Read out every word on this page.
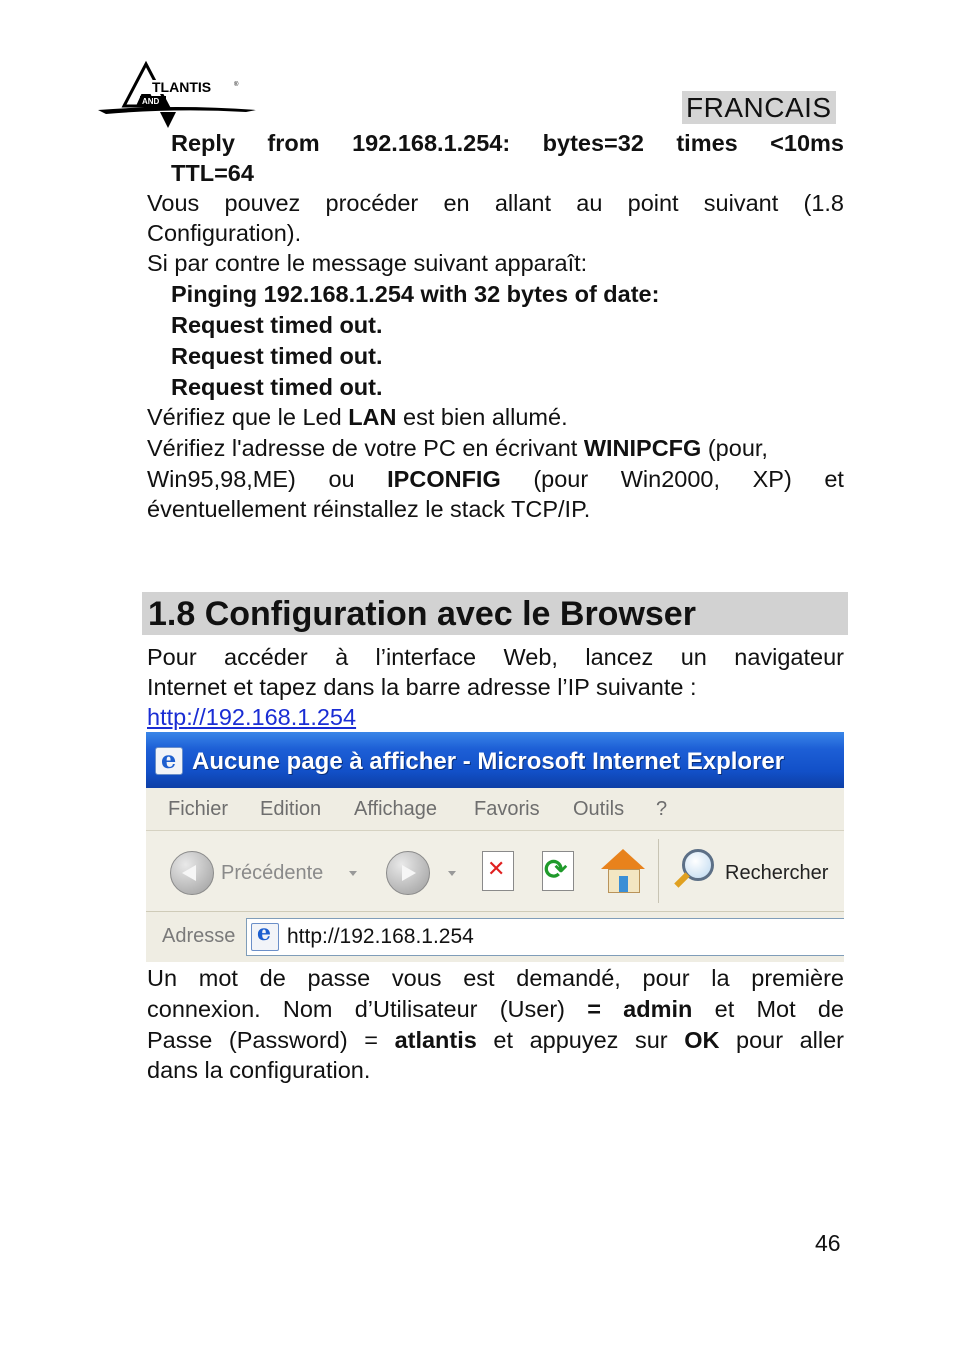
TLANTIS	®
AND	FRANCAIS
Reply from 192.168.1.254: bytes=32 times <10ms
TTL=64
Vous pouvez procéder en allant au point suivant (1.8
Configuration).
Si par contre le message suivant apparaît:
Pinging 192.168.1.254 with 32 bytes of date:
Request timed out.
Request timed out.
Request timed out.
Vérifiez que le Led LAN est bien allumé.
Vérifiez l'adresse de votre PC en écrivant WINIPCFG (pour,
Win95,98,ME) ou IPCONFIG (pour Win2000, XP) et
éventuellement réinstallez le stack TCP/IP.
1.8 Configuration avec le Browser
Pour accéder à l’interface Web, lancez un navigateur
Internet et tapez dans la barre adresse l’IP suivante :
http://192.168.1.254
e
Aucune page à afficher - Microsoft Internet Explorer
Fichier Edition Affichage Favoris Outils ?
Précédente ✕ ⟳	Rechercher
Adresse e http://192.168.1.254
Un mot de passe vous est demandé, pour la première
connexion. Nom d’Utilisateur (User) = admin et Mot de
Passe (Password) = atlantis et appuyez sur OK pour aller
dans la configuration.
46
